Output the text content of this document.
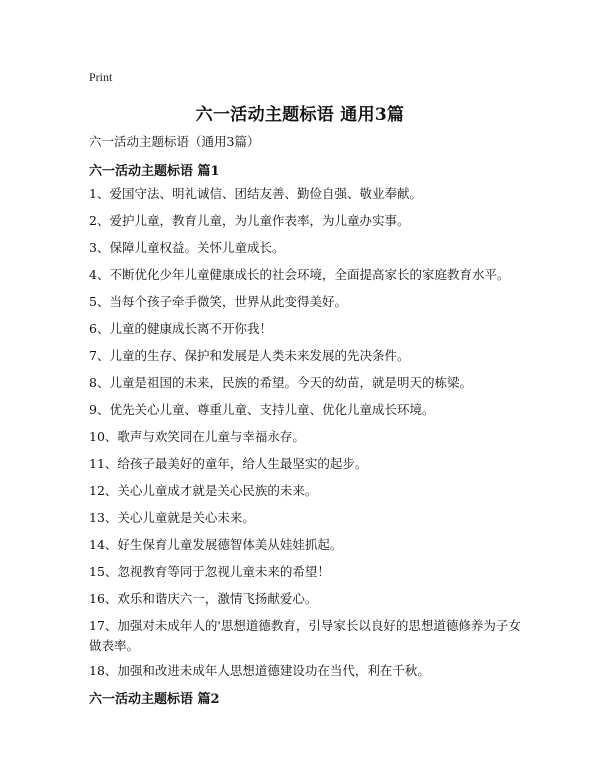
Print
六一活动主题标语 通用3篇
六一活动主题标语（通用3篇）
六一活动主题标语 篇1
1、爱国守法、明礼诚信、团结友善、勤俭自强、敬业奉献。
2、爱护儿童，教育儿童，为儿童作表率，为儿童办实事。
3、保障儿童权益。关怀儿童成长。
4、不断优化少年儿童健康成长的社会环境，全面提高家长的家庭教育水平。
5、当每个孩子牵手微笑，世界从此变得美好。
6、儿童的健康成长离不开你我！
7、儿童的生存、保护和发展是人类未来发展的先决条件。
8、儿童是祖国的未来，民族的希望。今天的幼苗，就是明天的栋梁。
9、优先关心儿童、尊重儿童、支持儿童、优化儿童成长环境。
10、歌声与欢笑同在儿童与幸福永存。
11、给孩子最美好的童年，给人生最坚实的起步。
12、关心儿童成才就是关心民族的未来。
13、关心儿童就是关心未来。
14、好生保育儿童发展德智体美从娃娃抓起。
15、忽视教育等同于忽视儿童未来的希望！
16、欢乐和谐庆六一，激情飞扬献爱心。
17、加强对未成年人的'思想道德教育，引导家长以良好的思想道德修养为子女做表率。
18、加强和改进未成年人思想道德建设功在当代，利在千秋。
六一活动主题标语 篇2
